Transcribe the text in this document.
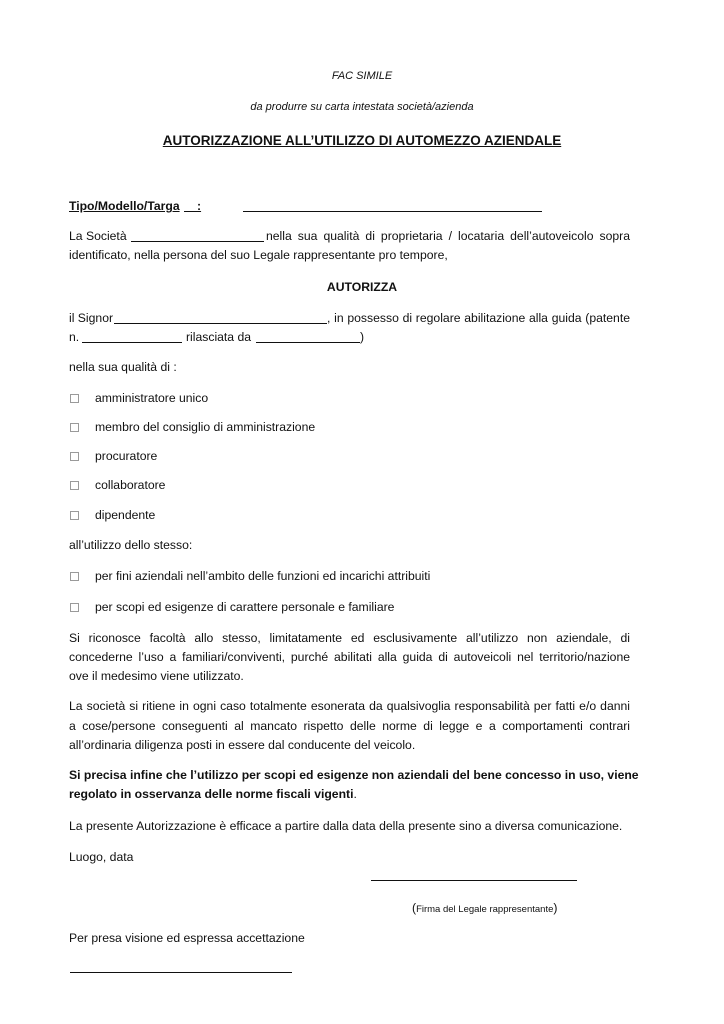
FAC SIMILE
da produrre su carta intestata società/azienda
AUTORIZZAZIONE ALL’UTILIZZO DI AUTOMEZZO AZIENDALE
Tipo/Modello/Targa :
La Società	nella sua qualità di proprietaria / locataria dell’autoveicolo sopra
identificato, nella persona del suo Legale rappresentante pro tempore,
AUTORIZZA
il Signor	, in possesso di regolare abilitazione alla guida (patente
n.	rilasciata da	)
nella sua qualità di :
amministratore unico
membro del consiglio di amministrazione
procuratore
collaboratore
dipendente
all’utilizzo dello stesso:
per fini aziendali nell’ambito delle funzioni ed incarichi attribuiti
per scopi ed esigenze di carattere personale e familiare
Si riconosce facoltà allo stesso, limitatamente ed esclusivamente all’utilizzo non aziendale, di
concederne l’uso a familiari/conviventi, purché abilitati alla guida di autoveicoli nel territorio/nazione
ove il medesimo viene utilizzato.
La società si ritiene in ogni caso totalmente esonerata da qualsivoglia responsabilità per fatti e/o danni
a cose/persone conseguenti al mancato rispetto delle norme di legge e a comportamenti contrari
all’ordinaria diligenza posti in essere dal conducente del veicolo.
Si precisa infine che l’utilizzo per scopi ed esigenze non aziendali del bene concesso in uso, viene
regolato in osservanza delle norme fiscali vigenti.
La presente Autorizzazione è efficace a partire dalla data della presente sino a diversa comunicazione.
Luogo, data
(Firma del Legale rappresentante)
Per presa visione ed espressa accettazione
